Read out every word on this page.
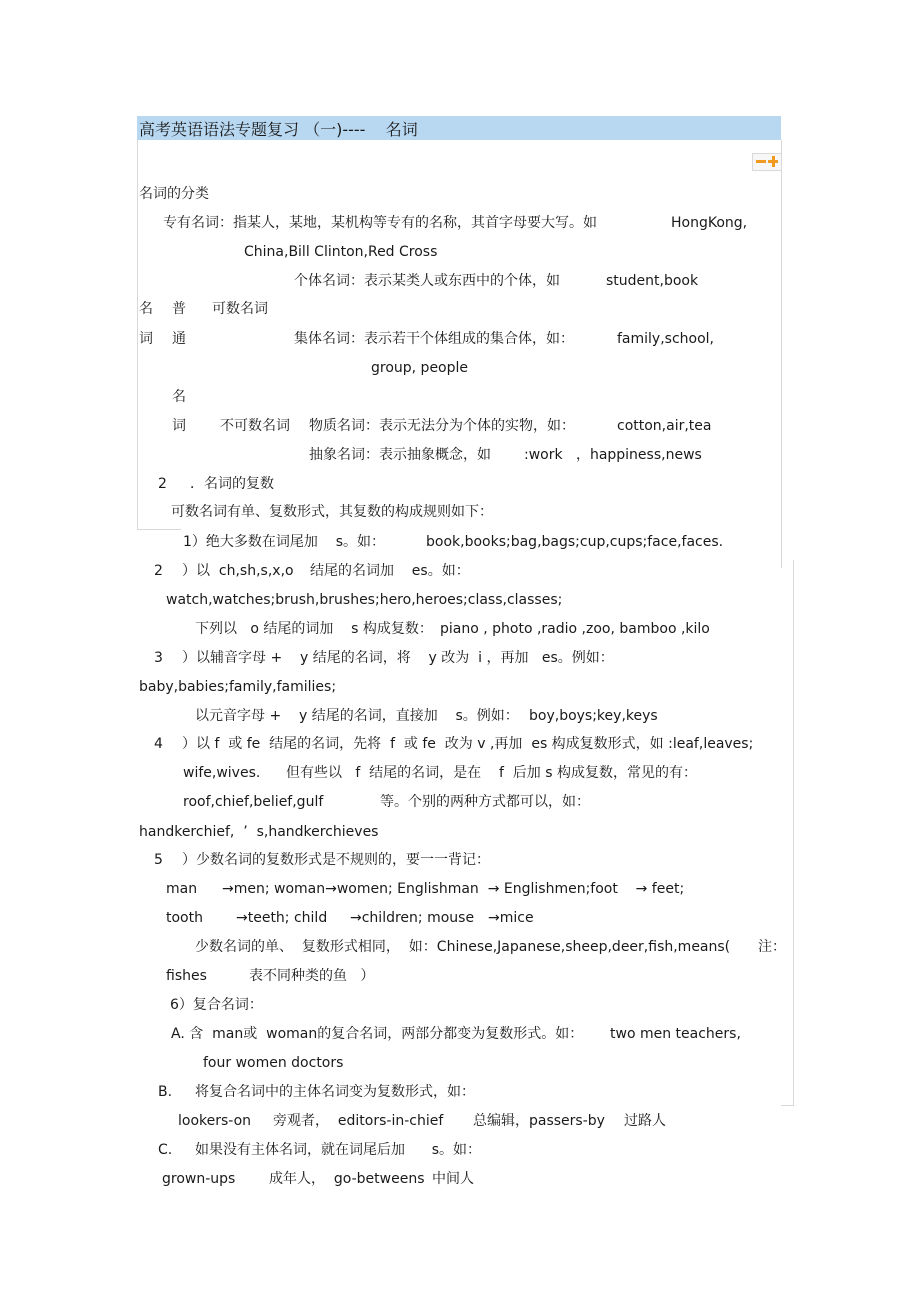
高考英语语法专题复习 （一)----    名词
名词的分类
专有名词：指某人，某地，某机构等专有的名称，其首字母要大写。如	HongKong,
China,Bill Clinton,Red Cross
个体名词：表示某类人或东西中的个体，如	student,book
名 普 可数名词
词 通	集体名词：表示若干个体组成的集合体，如：	family,school,
group, people
名
词 不可数名词 物质名词：表示无法分为个体的实物，如：	cotton,air,tea
抽象名词：表示抽象概念，如 :work   ，happiness,news
2 ．名词的复数
可数名词有单、复数形式，其复数的构成规则如下：
1）绝大多数在词尾加    s。如：	book,books;bag,bags;cup,cups;face,faces.
2 ）以  ch,sh,s,x,o 结尾的名词加    es。如：
watch,watches;brush,brushes;hero,heroes;class,classes;
下列以   o 结尾的词加    s 构成复数： piano , photo ,radio ,zoo, bamboo ,kilo
3 ）以辅音字母 +    y 结尾的名词，将    y 改为  i ，再加   es。例如：
baby,babies;family,families;
以元音字母 +    y 结尾的名词，直接加    s。例如： boy,boys;key,keys
4 ）以 f  或 fe  结尾的名词，先将  f  或 fe  改为 v ,再加  es 构成复数形式，如 :leaf,leaves;
wife,wives. 但有些以   f  结尾的名词，是在    f  后加 s 构成复数，常见的有：
roof,chief,belief,gulf	等。个别的两种方式都可以，如：
handkerchief,  ’  s,handkerchieves
5 ）少数名词的复数形式是不规则的，要一一背记：
man →men; woman→women; Englishman  → Englishmen;foot    → feet;
tooth →teeth; child →children; mouse →mice
少数名词的单、  复数形式相同，  如：Chinese,Japanese,sheep,deer,fish,means( 注：
fishes	表不同种类的鱼   ）
6）复合名词：
A. 含  man或  woman的复合名词，两部分都变为复数形式。如： two men teachers,
four women doctors
B. 将复合名词中的主体名词变为复数形式，如：
lookers-on 旁观者，  editors-in-chief 总编辑，passers-by 过路人
C. 如果没有主体名词，就在词尾后加      s。如：
grown-ups 成年人，  go-betweens 中间人
